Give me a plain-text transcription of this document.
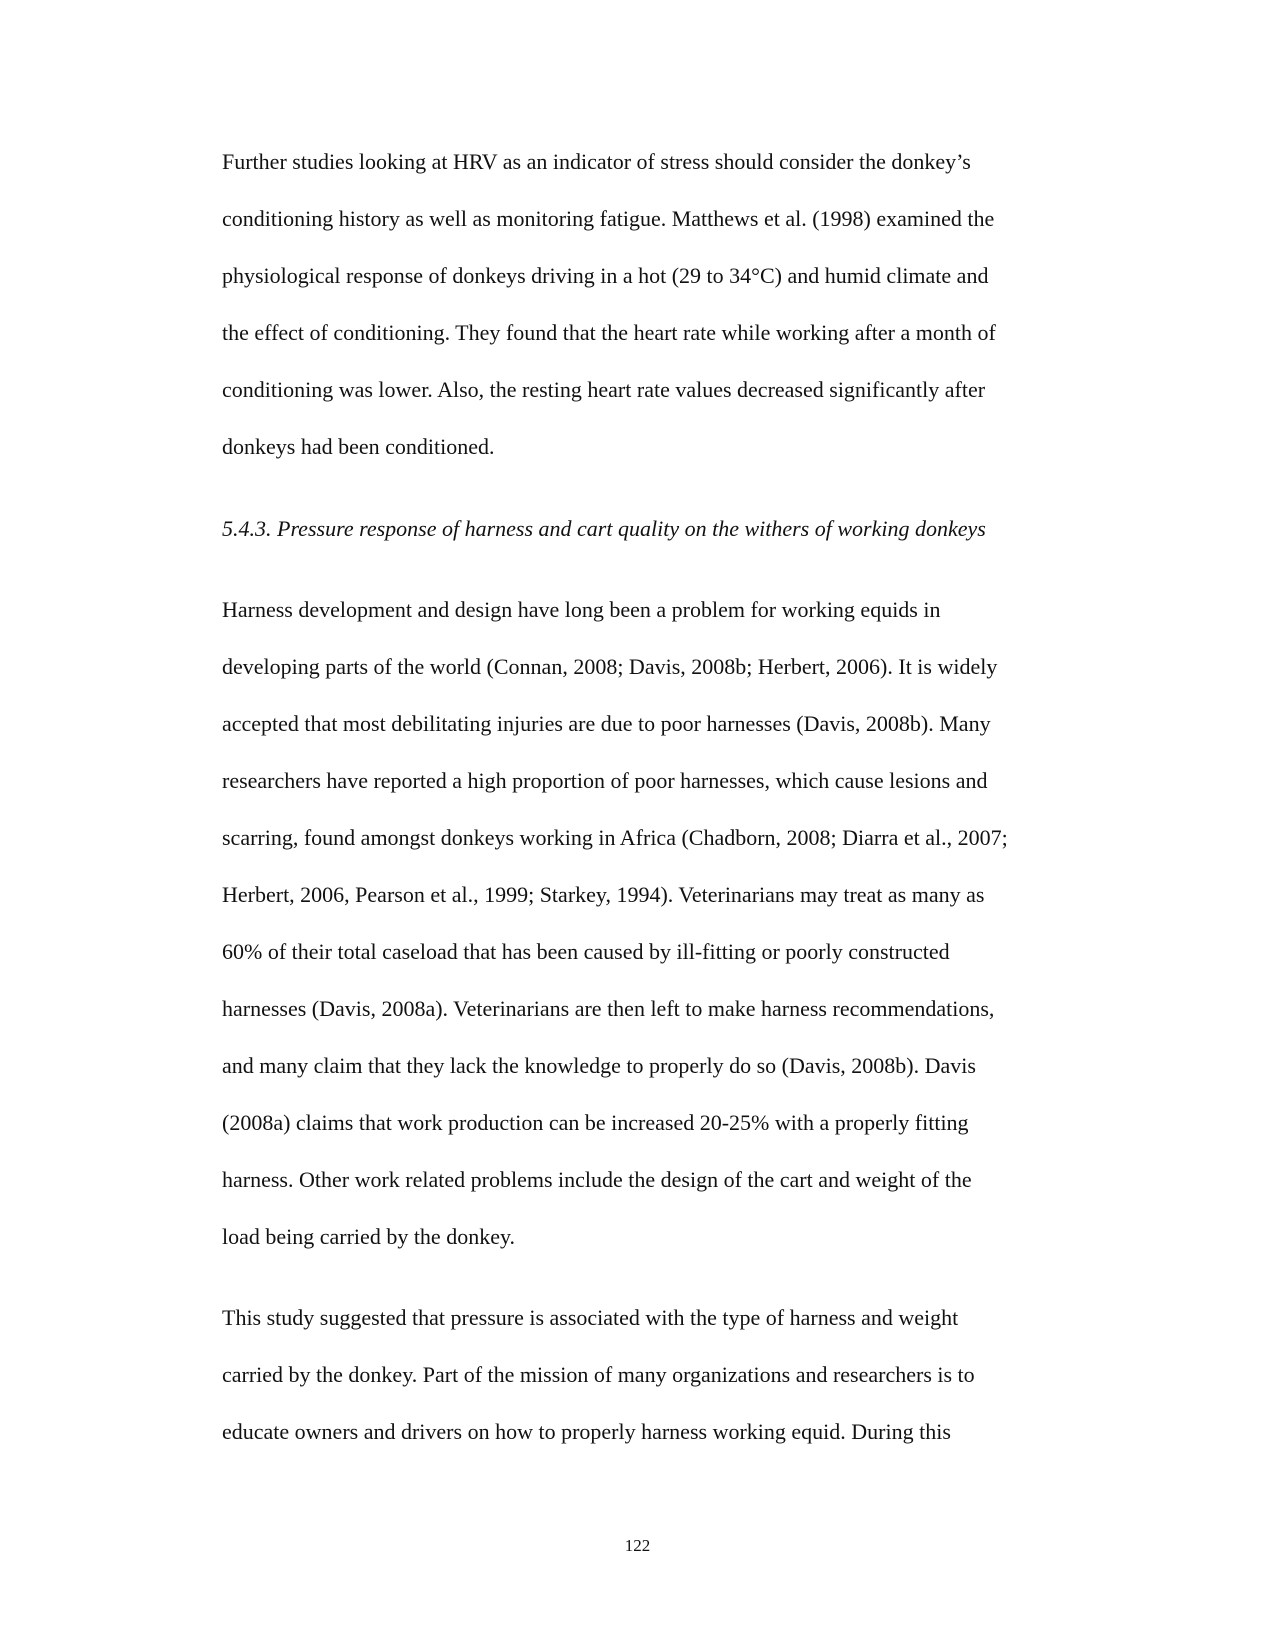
Further studies looking at HRV as an indicator of stress should consider the donkey’s
conditioning history as well as monitoring fatigue. Matthews et al. (1998) examined the
physiological response of donkeys driving in a hot (29 to 34°C) and humid climate and
the effect of conditioning. They found that the heart rate while working after a month of
conditioning was lower. Also, the resting heart rate values decreased significantly after
donkeys had been conditioned.
5.4.3. Pressure response of harness and cart quality on the withers of working donkeys
Harness development and design have long been a problem for working equids in
developing parts of the world (Connan, 2008; Davis, 2008b; Herbert, 2006). It is widely
accepted that most debilitating injuries are due to poor harnesses (Davis, 2008b). Many
researchers have reported a high proportion of poor harnesses, which cause lesions and
scarring, found amongst donkeys working in Africa (Chadborn, 2008; Diarra et al., 2007;
Herbert, 2006, Pearson et al., 1999; Starkey, 1994). Veterinarians may treat as many as
60% of their total caseload that has been caused by ill-fitting or poorly constructed
harnesses (Davis, 2008a). Veterinarians are then left to make harness recommendations,
and many claim that they lack the knowledge to properly do so (Davis, 2008b). Davis
(2008a) claims that work production can be increased 20-25% with a properly fitting
harness. Other work related problems include the design of the cart and weight of the
load being carried by the donkey.
This study suggested that pressure is associated with the type of harness and weight
carried by the donkey. Part of the mission of many organizations and researchers is to
educate owners and drivers on how to properly harness working equid. During this
122
